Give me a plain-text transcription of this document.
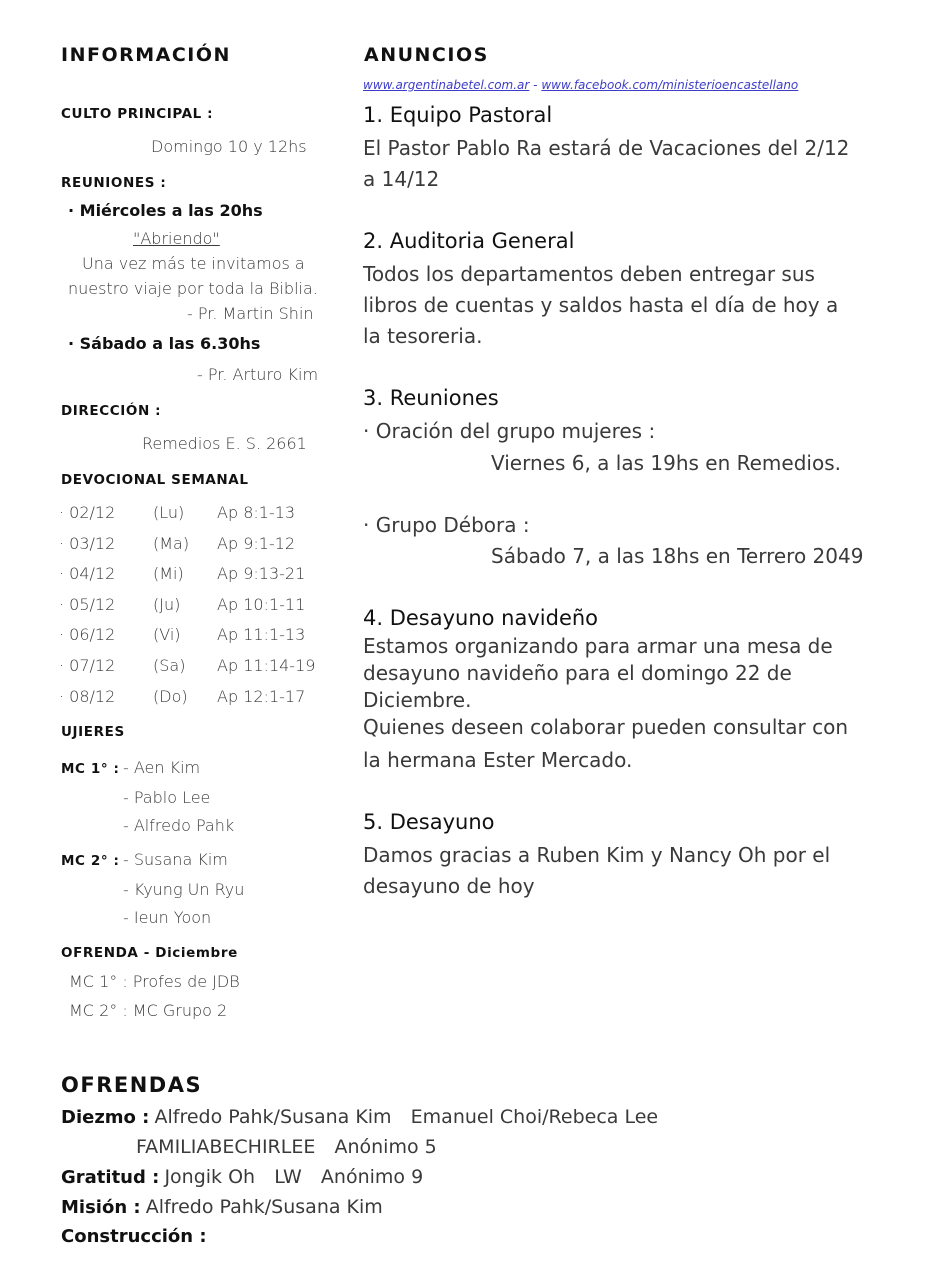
INFORMACIÓN
CULTO PRINCIPAL :
Domingo 10 y 12hs
REUNIONES :
· Miércoles a las 20hs
"Abriendo"
Una vez más te invitamos a
nuestro viaje por toda la Biblia.
- Pr. Martin Shin
· Sábado a las 6.30hs
- Pr. Arturo Kim
DIRECCIÓN :
Remedios E. S. 2661
DEVOCIONAL SEMANAL
· 02/12 (Lu) Ap 8:1-13
· 03/12 (Ma) Ap 9:1-12
· 04/12 (Mi) Ap 9:13-21
· 05/12 (Ju) Ap 10:1-11
· 06/12 (Vi) Ap 11:1-13
· 07/12 (Sa) Ap 11:14-19
· 08/12 (Do) Ap 12:1-17
UJIERES
MC 1° : - Aen Kim
- Pablo Lee
- Alfredo Pahk
MC 2° : - Susana Kim
- Kyung Un Ryu
- Ieun Yoon
OFRENDA - Diciembre
MC 1° : Profes de JDB
MC 2° : MC Grupo 2
ANUNCIOS
www.argentinabetel.com.ar - www.facebook.com/ministerioencastellano
1. Equipo Pastoral
El Pastor Pablo Ra estará de Vacaciones del 2/12
a 14/12
2. Auditoria General
Todos los departamentos deben entregar sus
libros de cuentas y saldos hasta el día de hoy a
la tesoreria.
3. Reuniones
· Oración del grupo mujeres :
Viernes 6, a las 19hs en Remedios.
· Grupo Débora :
Sábado 7, a las 18hs en Terrero 2049
4. Desayuno navideño
Estamos organizando para armar una mesa de
desayuno navideño para el domingo 22 de
Diciembre.
Quienes deseen colaborar pueden consultar con
la hermana Ester Mercado.
5. Desayuno
Damos gracias a Ruben Kim y Nancy Oh por el
desayuno de hoy
OFRENDAS
Diezmo : Alfredo Pahk/Susana Kim Emanuel Choi/Rebeca Lee
FAMILIABECHIRLEE Anónimo 5
Gratitud : Jongik Oh LW Anónimo 9
Misión : Alfredo Pahk/Susana Kim
Construcción :
